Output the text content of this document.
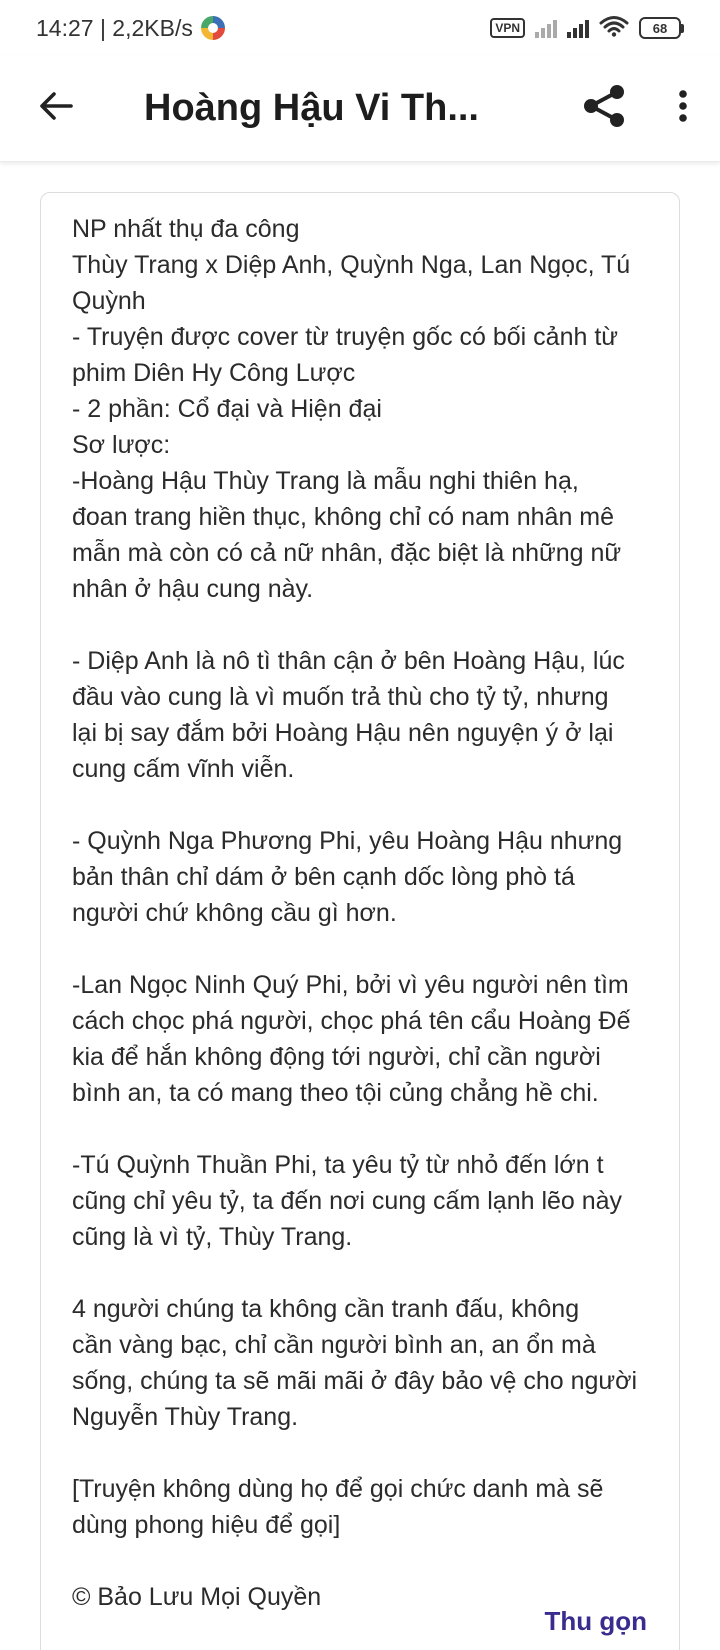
14:27 | 2,2KB/s	VPN	68
Hoàng Hậu Vi Th...
NP nhất thụ đa công
Thùy Trang x Diệp Anh, Quỳnh Nga, Lan Ngọc, Tú
Quỳnh
- Truyện được cover từ truyện gốc có bối cảnh từ
phim Diên Hy Công Lược
- 2 phần: Cổ đại và Hiện đại
Sơ lược:
-Hoàng Hậu Thùy Trang là mẫu nghi thiên hạ,
đoan trang hiền thục, không chỉ có nam nhân mê
mẫn mà còn có cả nữ nhân, đặc biệt là những nữ
nhân ở hậu cung này.
- Diệp Anh là nô tì thân cận ở bên Hoàng Hậu, lúc
đầu vào cung là vì muốn trả thù cho tỷ tỷ, nhưng
lại bị say đắm bởi Hoàng Hậu nên nguyện ý ở lại
cung cấm vĩnh viễn.
- Quỳnh Nga Phương Phi, yêu Hoàng Hậu nhưng
bản thân chỉ dám ở bên cạnh dốc lòng phò tá
người chứ không cầu gì hơn.
-Lan Ngọc Ninh Quý Phi, bởi vì yêu người nên tìm
cách chọc phá người, chọc phá tên cẩu Hoàng Đế
kia để hắn không động tới người, chỉ cần người
bình an, ta có mang theo tội củng chẳng hề chi.
-Tú Quỳnh Thuần Phi, ta yêu tỷ từ nhỏ đến lớn t
cũng chỉ yêu tỷ, ta đến nơi cung cấm lạnh lẽo này
cũng là vì tỷ, Thùy Trang.
4 người chúng ta không cần tranh đấu, không
cần vàng bạc, chỉ cần người bình an, an ổn mà
sống, chúng ta sẽ mãi mãi ở đây bảo vệ cho người
Nguyễn Thùy Trang.
[Truyện không dùng họ để gọi chức danh mà sẽ
dùng phong hiệu để gọi]
© Bảo Lưu Mọi Quyền
Thu gọn
